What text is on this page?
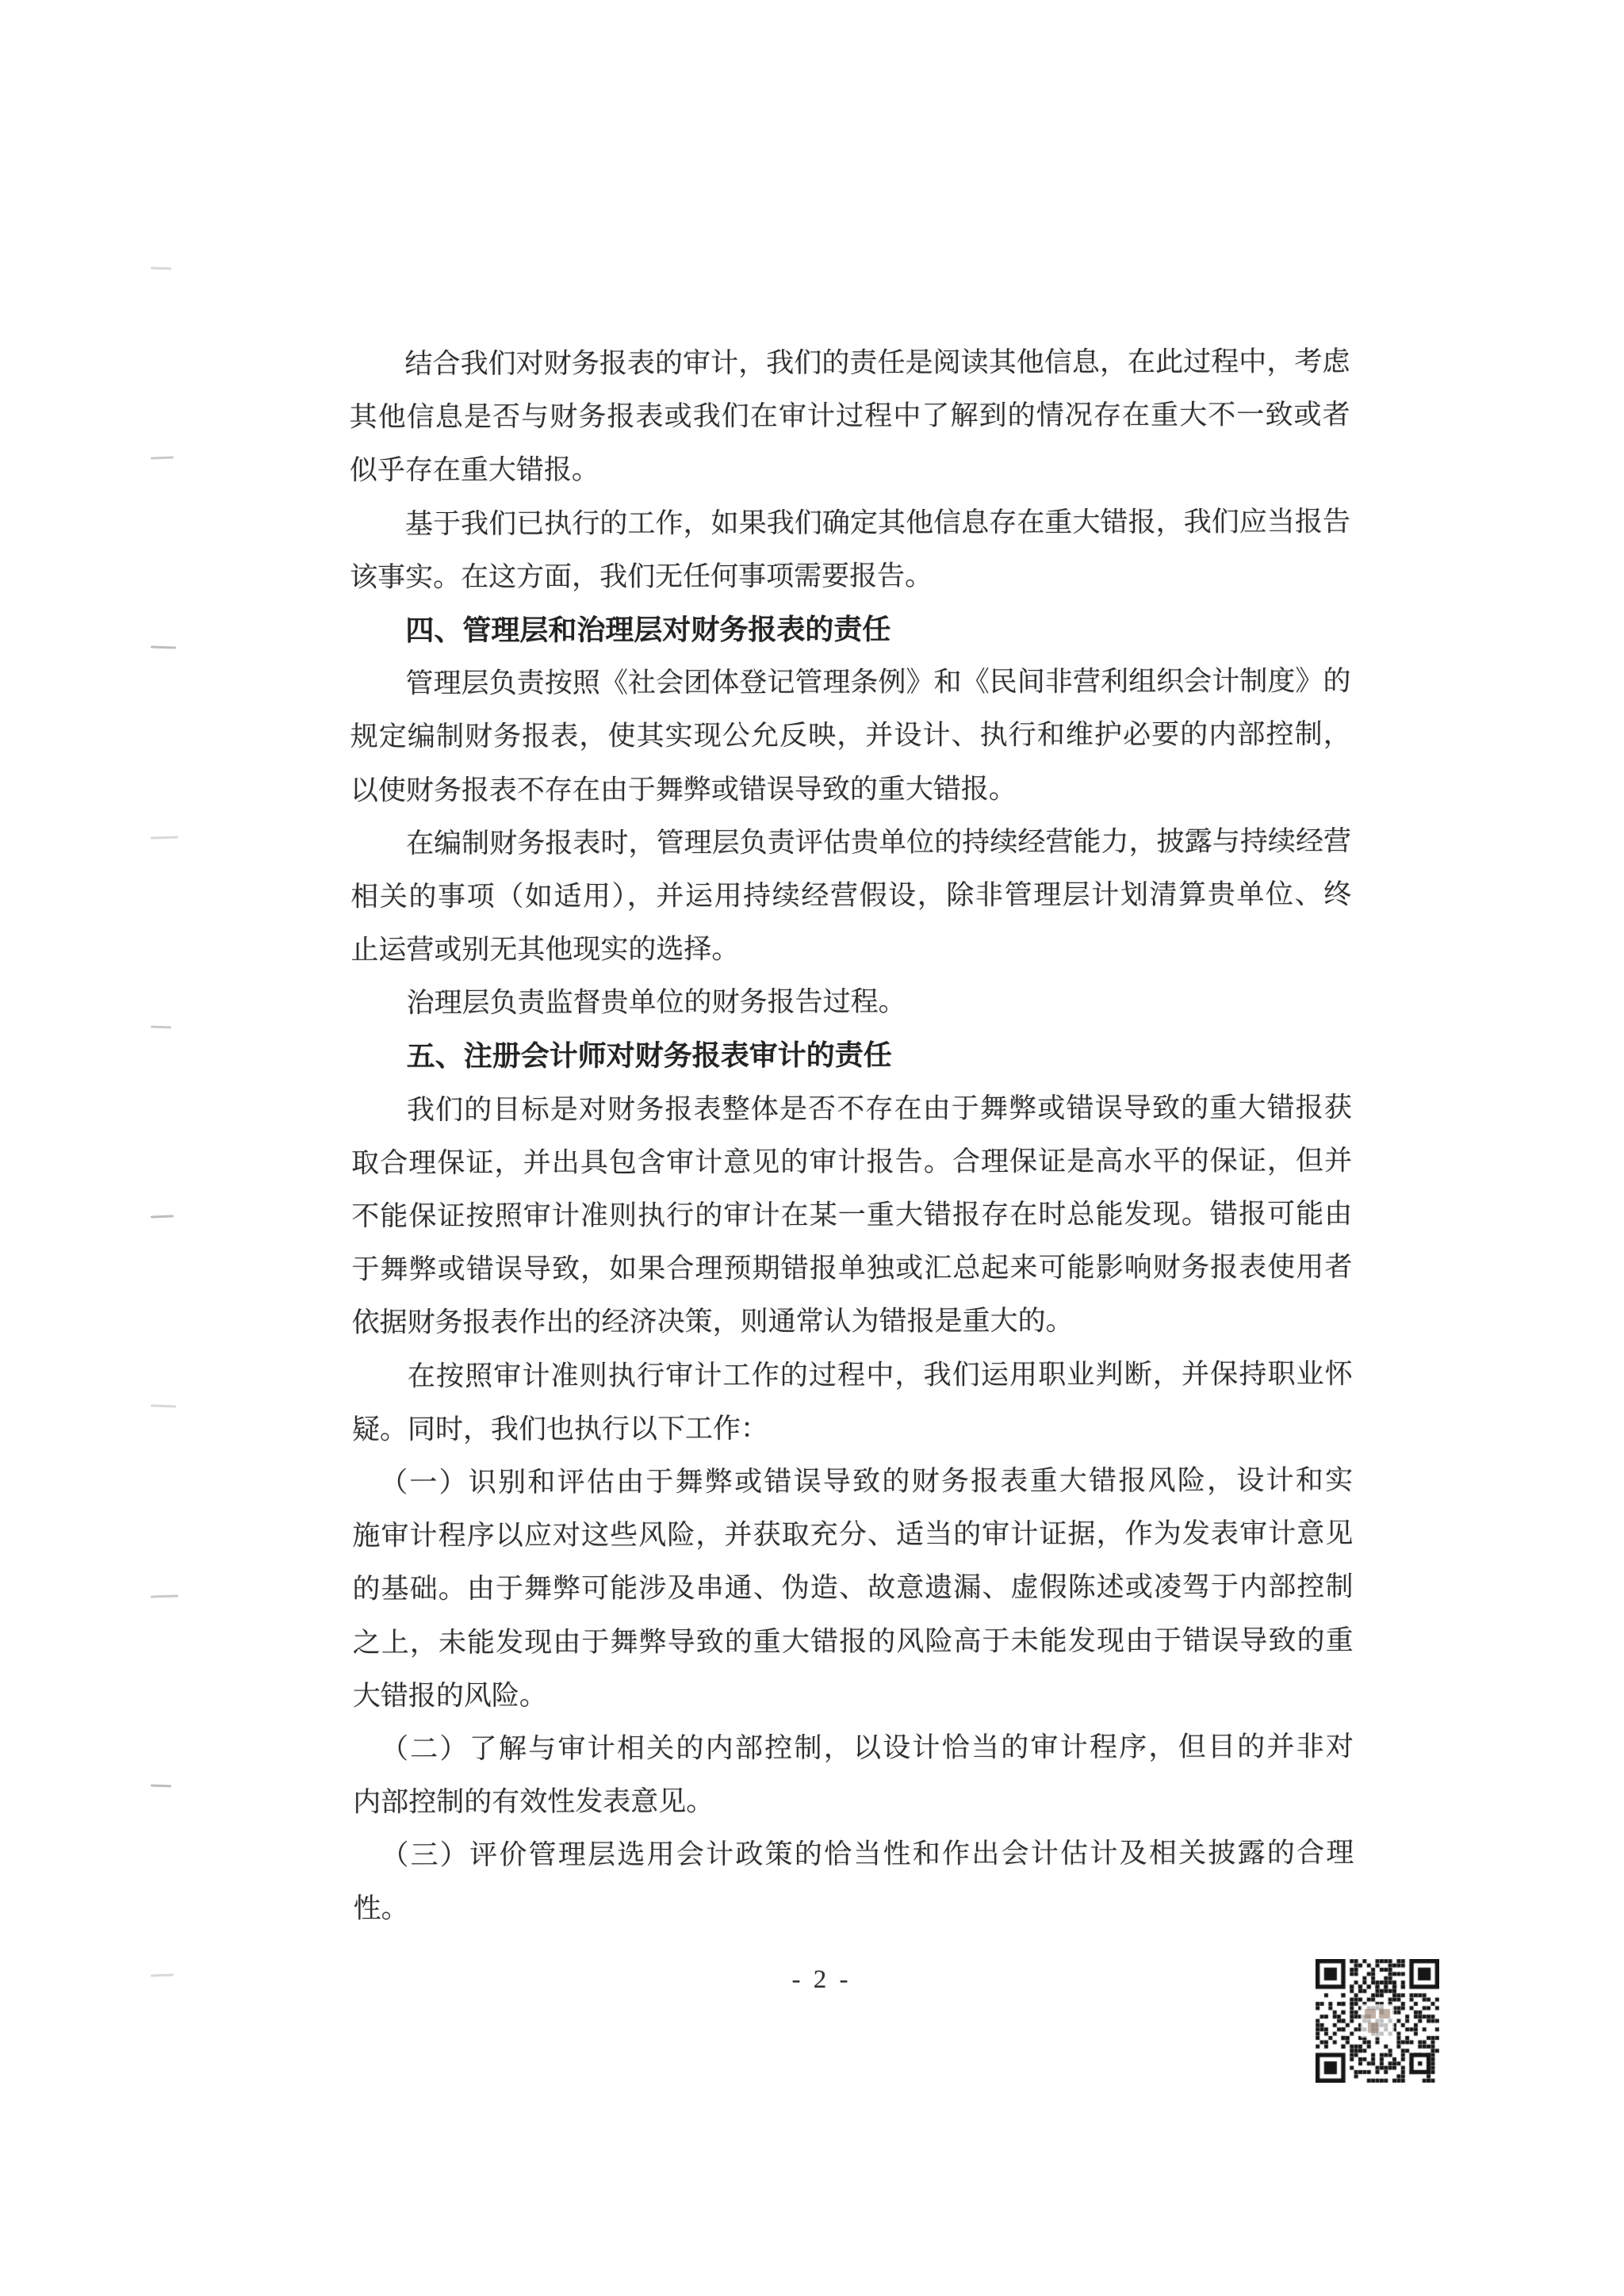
结合我们对财务报表的审计，我们的责任是阅读其他信息，在此过程中，考虑

其他信息是否与财务报表或我们在审计过程中了解到的情况存在重大不一致或者

似乎存在重大错报。

基于我们已执行的工作，如果我们确定其他信息存在重大错报，我们应当报告

该事实。在这方面，我们无任何事项需要报告。

四、管理层和治理层对财务报表的责任

管理层负责按照《社会团体登记管理条例》和《民间非营利组织会计制度》的

规定编制财务报表，使其实现公允反映，并设计、执行和维护必要的内部控制，

以使财务报表不存在由于舞弊或错误导致的重大错报。

在编制财务报表时，管理层负责评估贵单位的持续经营能力，披露与持续经营

相关的事项（如适用），并运用持续经营假设，除非管理层计划清算贵单位、终

止运营或别无其他现实的选择。

治理层负责监督贵单位的财务报告过程。

五、注册会计师对财务报表审计的责任

我们的目标是对财务报表整体是否不存在由于舞弊或错误导致的重大错报获

取合理保证，并出具包含审计意见的审计报告。合理保证是高水平的保证，但并

不能保证按照审计准则执行的审计在某一重大错报存在时总能发现。错报可能由

于舞弊或错误导致，如果合理预期错报单独或汇总起来可能影响财务报表使用者

依据财务报表作出的经济决策，则通常认为错报是重大的。

在按照审计准则执行审计工作的过程中，我们运用职业判断，并保持职业怀

疑。同时，我们也执行以下工作：

（一）识别和评估由于舞弊或错误导致的财务报表重大错报风险，设计和实

施审计程序以应对这些风险，并获取充分、适当的审计证据，作为发表审计意见

的基础。由于舞弊可能涉及串通、伪造、故意遗漏、虚假陈述或凌驾于内部控制

之上，未能发现由于舞弊导致的重大错报的风险高于未能发现由于错误导致的重

大错报的风险。

（二）了解与审计相关的内部控制，以设计恰当的审计程序，但目的并非对

内部控制的有效性发表意见。

（三）评价管理层选用会计政策的恰当性和作出会计估计及相关披露的合理

性。

- 2 -
